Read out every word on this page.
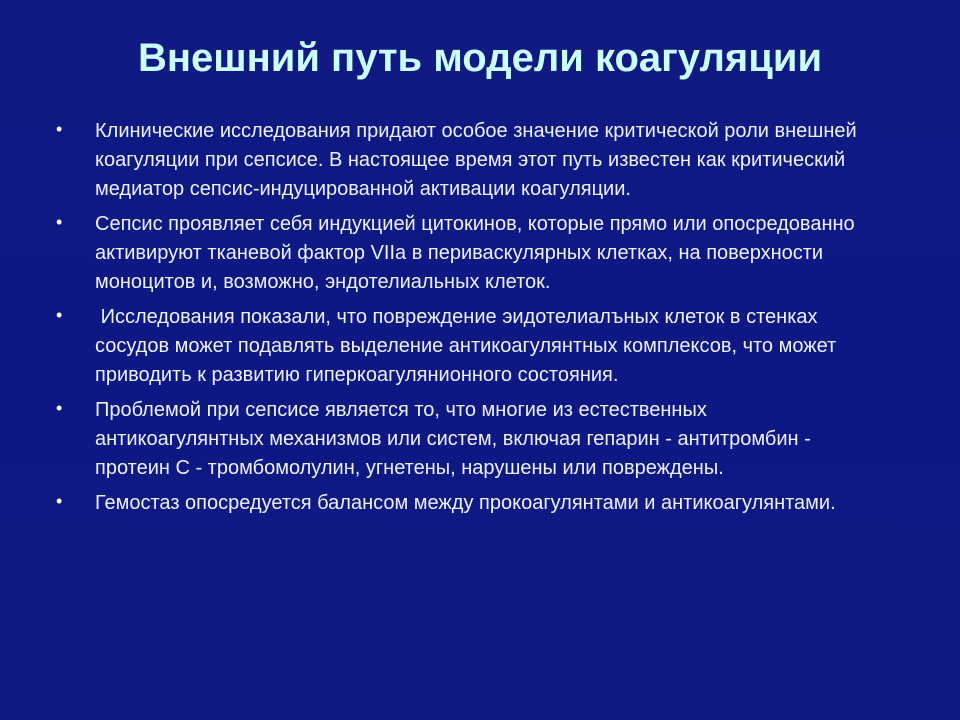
Внешний путь модели коагуляции
• Клинические исследования придают особое значение критической роли внешней коагуляции при сепсисе. В настоящее время этот путь известен как критический медиатор сепсис-индуцированной активации коагуляции.
• Сепсис проявляет себя индукцией цитокинов, которые прямо или опосредованно активируют тканевой фактор VIIа в периваскулярных клетках, на поверхности моноцитов и, возможно, эндотелиальных клеток.
• Исследования показали, что повреждение эидотелиалъных клеток в стенках сосудов может подавлять выделение антикоагулянтных комплексов, что может приводить к развитию гиперкоагулянионного состояния.
• Проблемой при сепсисе является то, что многие из естественных антикоагулянтных механизмов или систем, включая гепарин - антитромбин - протеин С - тромбомолулин, угнетены, нарушены или повреждены.
• Гемостаз опосредуется балансом между прокоагулянтами и антикоагулянтами.
